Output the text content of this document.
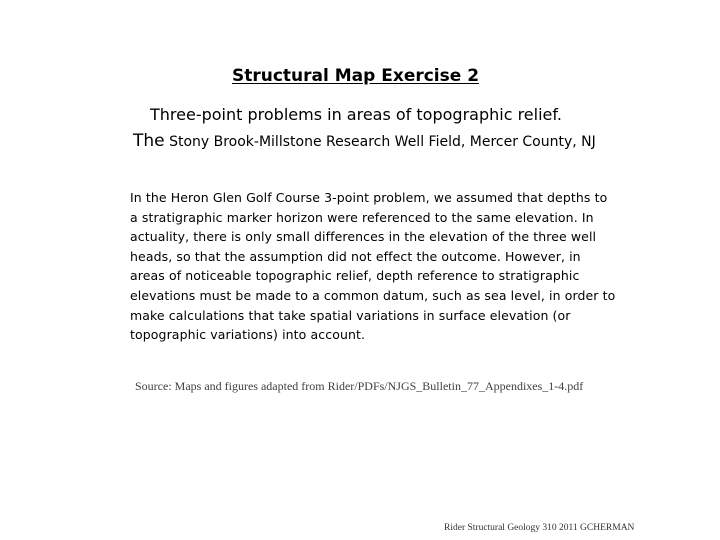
Structural Map Exercise 2
Three-point problems in areas of topographic relief.
The Stony Brook-Millstone Research Well Field, Mercer County, NJ
In the Heron Glen Golf Course 3-point problem, we assumed that depths to
a stratigraphic marker horizon were referenced to the same elevation. In
actuality, there is only small differences in the elevation of the three well
heads, so that the assumption did not effect the outcome. However, in
areas of noticeable topographic relief, depth reference to stratigraphic
elevations must be made to a common datum, such as sea level, in order to
make calculations that take spatial variations in surface elevation (or
topographic variations) into account.
Source: Maps and figures adapted from Rider/PDFs/NJGS_Bulletin_77_Appendixes_1-4.pdf
Rider Structural Geology 310 2011 GCHERMAN
